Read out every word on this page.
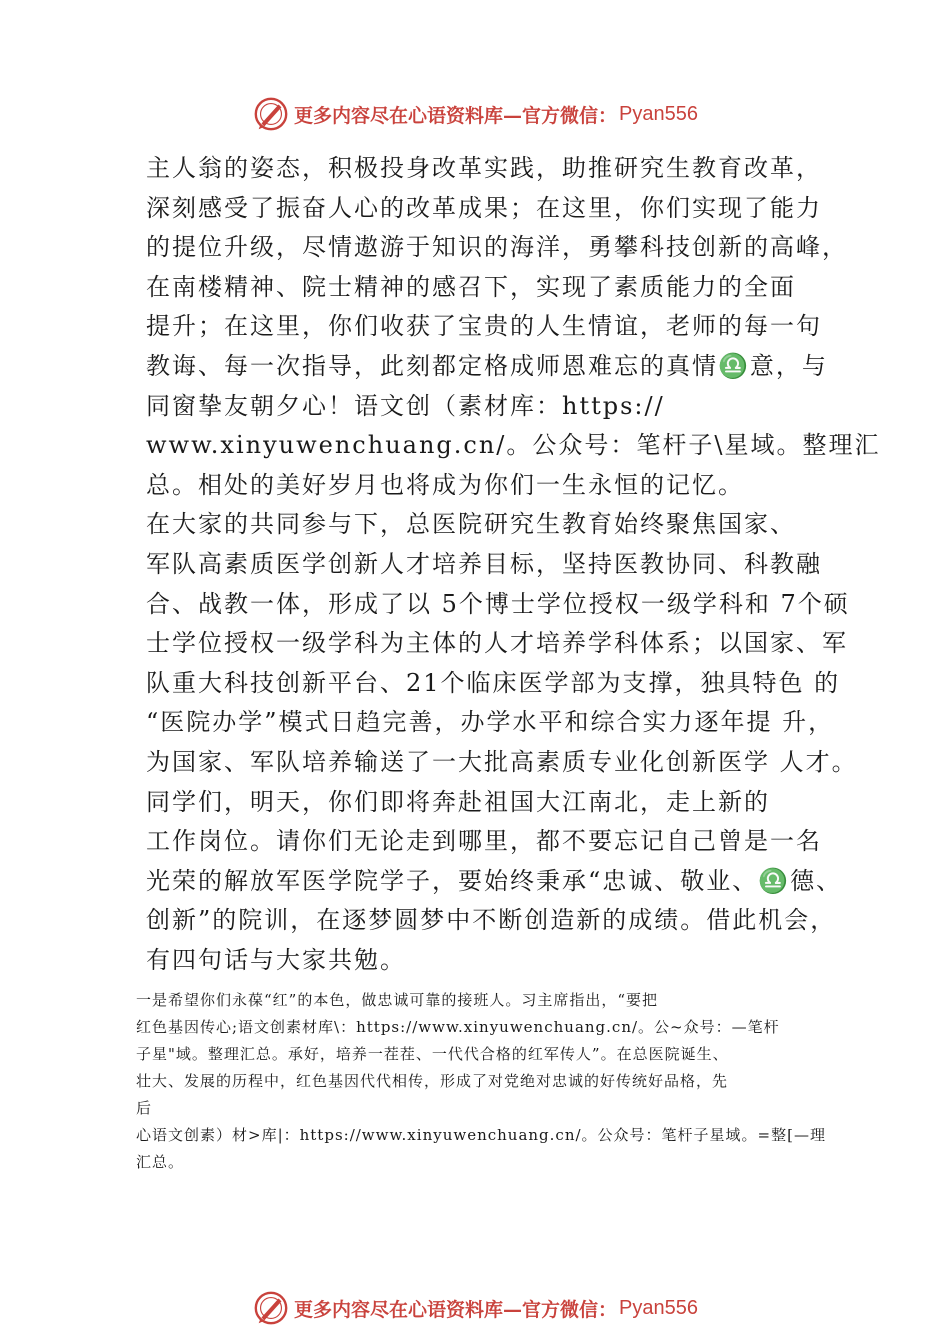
更多内容尽在心语资料库 —官方微信： Pyan556
主人翁的姿态，积极投身改革实践，助推研究生教育改革，
深刻感受了振奋人心的改革成果；在这里，你们实现了能力
的提位升级，尽情遨游于知识的海洋，勇攀科技创新的高峰，
在南楼精神、院士精神的感召下，实现了素质能力的全面
提升；在这里，你们收获了宝贵的人生情谊，老师的每一句
教诲、每一次指导，此刻都定格成师恩难忘的真情♎意，与
同窗挚友朝夕心！语文创（素材库：https://
www.xinyuwenchuang.cn/。公众号：笔杆子\星域。整理汇
总。相处的美好岁月也将成为你们一生永恒的记忆。
在大家的共同参与下，总医院研究生教育始终聚焦国家、
军队高素质医学创新人才培养目标，坚持医教协同、科教融
合、战教一体，形成了以 5个博士学位授权一级学科和 7个硕
士学位授权一级学科为主体的人才培养学科体系；以国家、军
队重大科技创新平台、21个临床医学部为支撑，独具特色 的
“医院办学”模式日趋完善，办学水平和综合实力逐年提 升，
为国家、军队培养输送了一大批高素质专业化创新医学 人才。
同学们，明天，你们即将奔赴祖国大江南北，走上新的
工作岗位。请你们无论走到哪里，都不要忘记自己曾是一名
光荣的解放军医学院学子，要始终秉承“忠诚、敬业、♎德、
创新”的院训，在逐梦圆梦中不断创造新的成绩。借此机会，
有四句话与大家共勉。
一是希望你们永葆“红”的本色，做忠诚可靠的接班人。习主席指出，“要把
红色基因传心;语文创素材库\：https://www.xinyuwenchuang.cn/。公~众号：—笔杆
子星"域。整理汇总。承好，培养一茬茬、一代代合格的红军传人”。在总医院诞生、
壮大、发展的历程中，红色基因代代相传，形成了对党绝对忠诚的好传统好品格，先
后
心语文创素）材>库|：https://www.xinyuwenchuang.cn/。公众号：笔杆子星域。=整[—理
汇总。
更多内容尽在心语资料库 —官方微信： Pyan556
